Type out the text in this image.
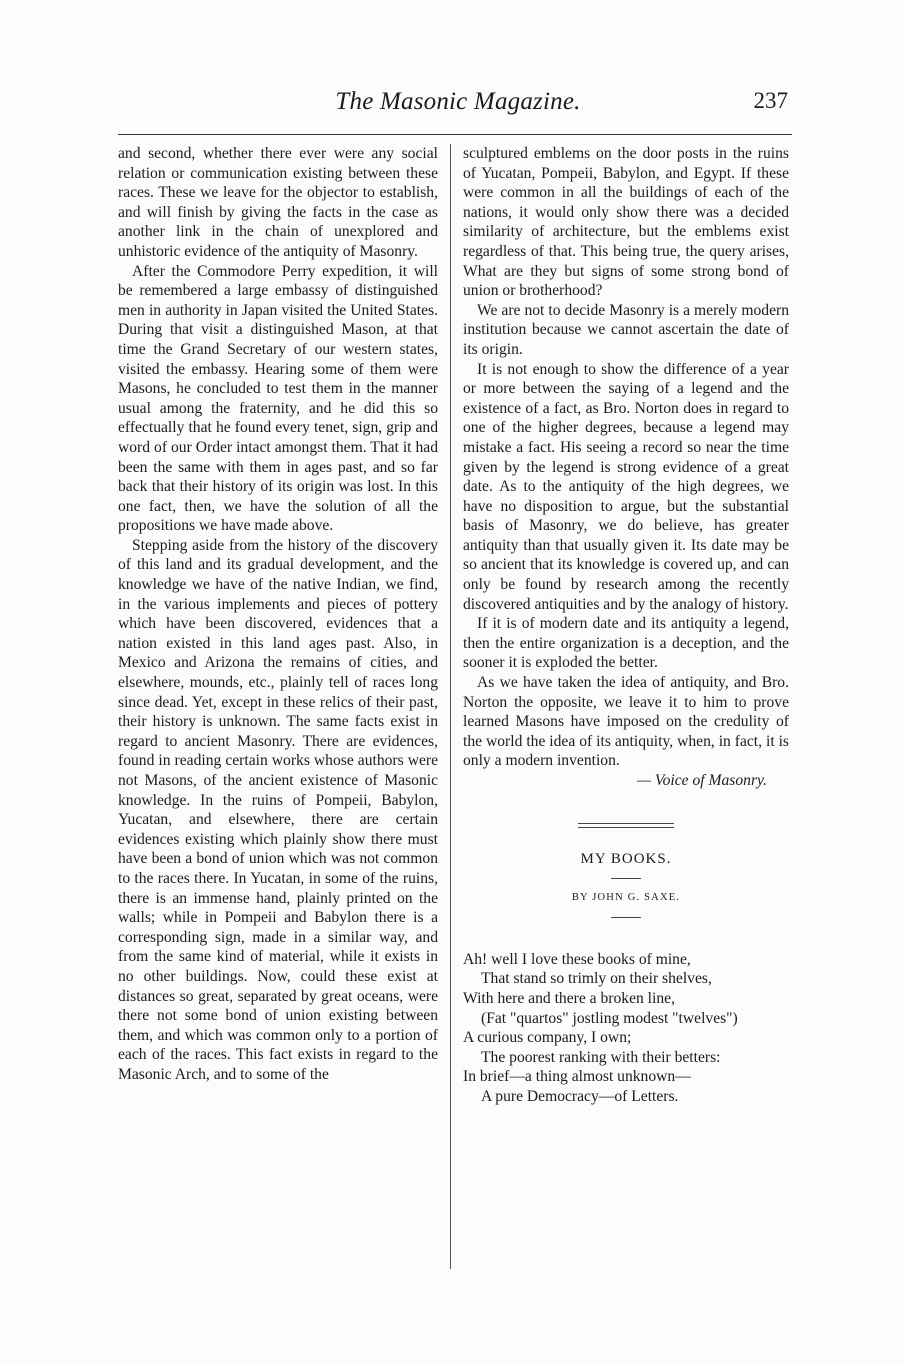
The Masonic Magazine.	237

and second, whether there ever were any social relation or communication existing between these races. These we leave for the objector to establish, and will finish by giving the facts in the case as another link in the chain of unexplored and unhistoric evidence of the antiquity of Masonry.

After the Commodore Perry expedition, it will be remembered a large embassy of distinguished men in authority in Japan visited the United States. During that visit a distinguished Mason, at that time the Grand Secretary of our western states, visited the embassy. Hearing some of them were Masons, he concluded to test them in the manner usual among the fraternity, and he did this so effectually that he found every tenet, sign, grip and word of our Order intact amongst them. That it had been the same with them in ages past, and so far back that their history of its origin was lost. In this one fact, then, we have the solution of all the propositions we have made above.

Stepping aside from the history of the discovery of this land and its gradual development, and the knowledge we have of the native Indian, we find, in the various implements and pieces of pottery which have been discovered, evidences that a nation existed in this land ages past. Also, in Mexico and Arizona the remains of cities, and elsewhere, mounds, etc., plainly tell of races long since dead. Yet, except in these relics of their past, their history is unknown. The same facts exist in regard to ancient Masonry. There are evidences, found in reading certain works whose authors were not Masons, of the ancient existence of Masonic knowledge. In the ruins of Pompeii, Babylon, Yucatan, and elsewhere, there are certain evidences existing which plainly show there must have been a bond of union which was not common to the races there. In Yucatan, in some of the ruins, there is an immense hand, plainly printed on the walls; while in Pompeii and Babylon there is a corresponding sign, made in a similar way, and from the same kind of material, while it exists in no other buildings. Now, could these exist at distances so great, separated by great oceans, were there not some bond of union existing between them, and which was common only to a portion of each of the races. This fact exists in regard to the Masonic Arch, and to some of the

sculptured emblems on the door posts in the ruins of Yucatan, Pompeii, Babylon, and Egypt. If these were common in all the buildings of each of the nations, it would only show there was a decided similarity of architecture, but the emblems exist regardless of that. This being true, the query arises, What are they but signs of some strong bond of union or brotherhood?

We are not to decide Masonry is a merely modern institution because we cannot ascertain the date of its origin.

It is not enough to show the difference of a year or more between the saying of a legend and the existence of a fact, as Bro. Norton does in regard to one of the higher degrees, because a legend may mistake a fact. His seeing a record so near the time given by the legend is strong evidence of a great date. As to the antiquity of the high degrees, we have no disposition to argue, but the substantial basis of Masonry, we do believe, has greater antiquity than that usually given it. Its date may be so ancient that its knowledge is covered up, and can only be found by research among the recently discovered antiquities and by the analogy of history.

If it is of modern date and its antiquity a legend, then the entire organization is a deception, and the sooner it is exploded the better.

As we have taken the idea of antiquity, and Bro. Norton the opposite, we leave it to him to prove learned Masons have imposed on the credulity of the world the idea of its antiquity, when, in fact, it is only a modern invention.

— Voice of Masonry.
MY BOOKS.
BY JOHN G. SAXE.
Ah! well I love these books of mine,
That stand so trimly on their shelves,
With here and there a broken line,
(Fat "quartos" jostling modest "twelves")
A curious company, I own;
The poorest ranking with their betters:
In brief—a thing almost unknown—
A pure Democracy—of Letters.
